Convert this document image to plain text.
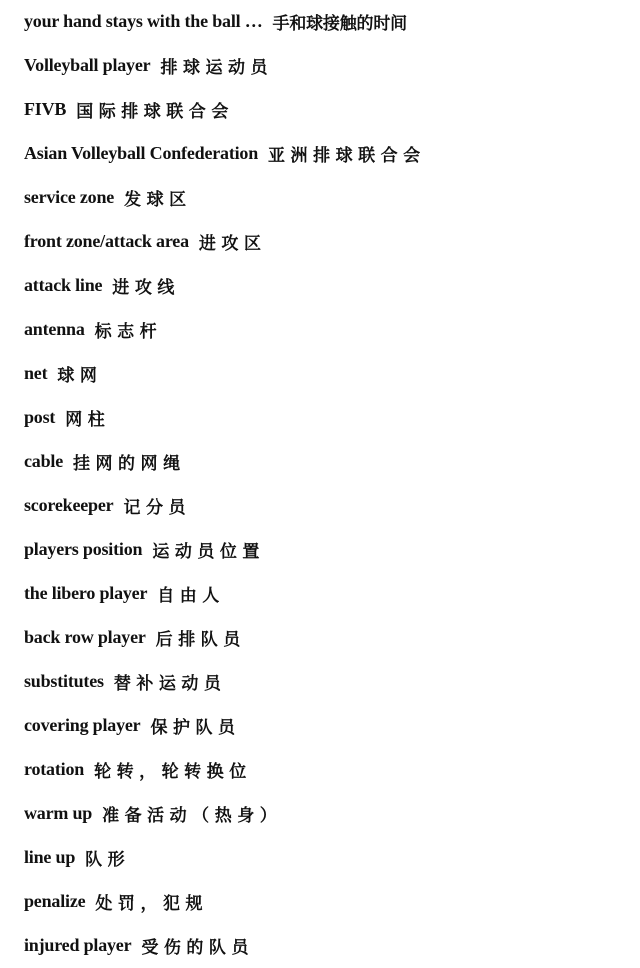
your hand stays with the ball … 手和球接触的时间
Volleyball player 排 球 运 动 员
FIVB 国 际 排 球 联 合 会
Asian Volleyball Confederation 亚 洲 排 球 联 合 会
service zone 发 球 区
front zone/attack area 进 攻 区
attack line 进 攻 线
antenna 标 志 杆
net 球 网
post 网 柱
cable 挂 网 的 网 绳
scorekeeper 记 分 员
players position 运 动 员 位 置
the libero player 自 由 人
back row player 后 排 队 员
substitutes 替 补 运 动 员
covering player 保 护 队 员
rotation 轮 转 ， 轮 转 换 位
warm up 准 备 活 动 （ 热 身 ）
line up 队 形
penalize 处 罚 ， 犯 规
injured player 受 伤 的 队 员
